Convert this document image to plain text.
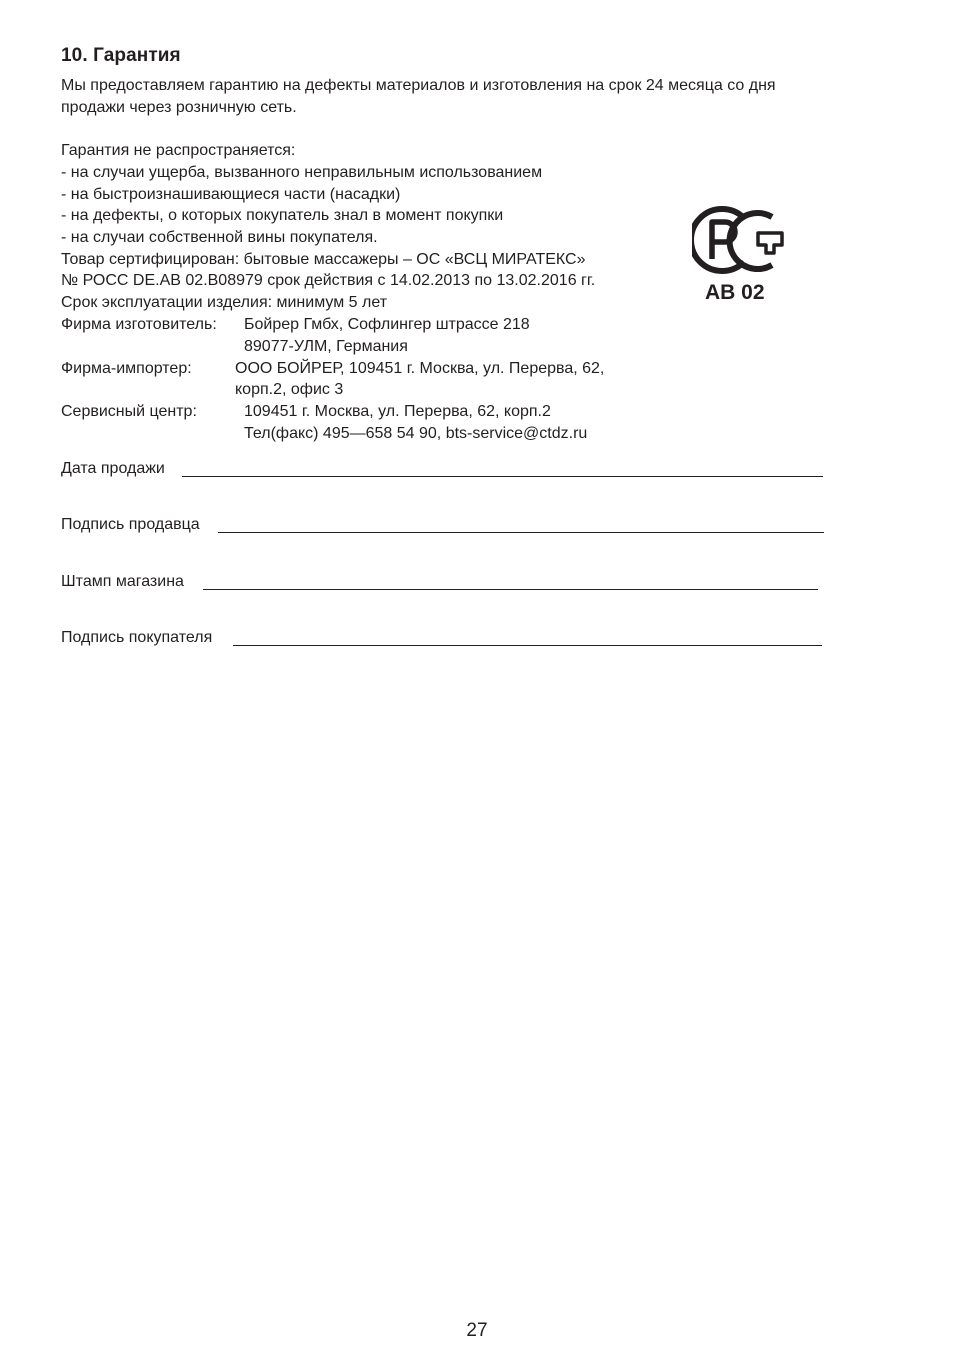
10. Гарантия
Мы предоставляем гарантию на дефекты материалов и изготовления на срок 24 месяца со дня
продажи через розничную сеть.
Гарантия не распространяется:
- на случаи ущерба, вызванного неправильным использованием
- на быстроизнашивающиеся части (насадки)
- на дефекты, о которых покупатель знал в момент покупки
- на случаи собственной вины покупателя.
Товар сертифицирован: бытовые массажеры – ОС «ВСЦ МИРАТЕКС»
№ РОСС DE.АВ 02.В08979 срок действия с 14.02.2013 по 13.02.2016 гг.
Срок эксплуатации изделия: минимум 5 лет	АВ 02
Фирма изготовитель: Бойрер Гмбх, Софлингер штрассе 218
89077-УЛМ, Германия
Фирма-импортер:	ООО БОЙРЕР, 109451 г. Москва, ул. Перерва, 62,
корп.2, офис 3
Сервисный центр:	109451 г. Москва, ул. Перерва, 62, корп.2
Тел(факс) 495—658 54 90, bts-service@ctdz.ru
Дата продажи
Подпись продавца
Штамп магазина
Подпись покупателя
27
